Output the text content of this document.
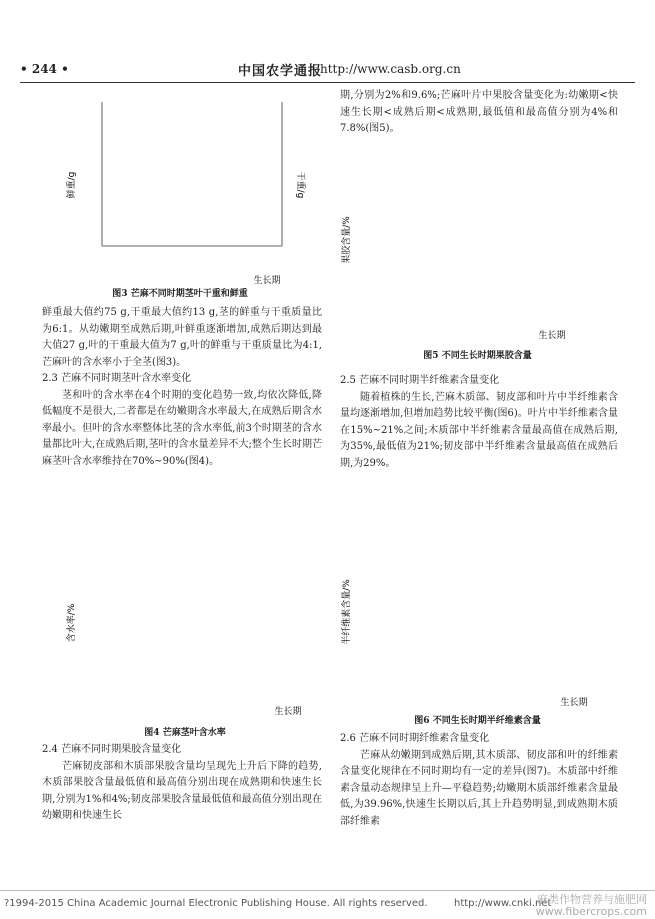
• 244 •	中国农学通报
http://www.casb.org.cn
鲜重/g	干重/g
生长期
图3 芒麻不同时期茎叶干重和鲜重

鲜重最大值约75 g,干重最大值约13 g,茎的鲜重与干重质量比为6:1。从幼嫩期至成熟后期,叶鲜重逐渐增加,成熟后期达到最大值27 g,叶的干重最大值为7 g,叶的鲜重与干重质量比为4:1,芒麻叶的含水率小于全茎(图3)。

2.3 芒麻不同时期茎叶含水率变化

茎和叶的含水率在4个时期的变化趋势一致,均依次降低,降低幅度不是很大,二者都是在幼嫩期含水率最大,在成熟后期含水率最小。但叶的含水率整体比茎的含水率低,前3个时期茎的含水量都比叶大,在成熟后期,茎叶的含水量差异不大;整个生长时期芒麻茎叶含水率维持在70%~90%(图4)。

含水率/%
生长期
图4 芒麻茎叶含水率
2.4 芒麻不同时期果胶含量变化

芒麻韧皮部和木质部果胶含量均呈现先上升后下降的趋势,木质部果胶含量最低值和最高值分别出现在成熟期和快速生长期,分别为1%和4%;韧皮部果胶含量最低值和最高值分别出现在幼嫩期和快速生长

期,分别为2%和9.6%;芒麻叶片中果胶含量变化为:幼嫩期<快速生长期<成熟后期<成熟期,最低值和最高值分别为4%和7.8%(图5)。

果胶含量/%
生长期
图5 不同生长时期果胶含量
2.5 芒麻不同时期半纤维素含量变化

随着植株的生长,芒麻木质部、韧皮部和叶片中半纤维素含量均逐渐增加,但增加趋势比较平衡(图6)。叶片中半纤维素含量在15%~21%之间;木质部中半纤维素含量最高值在成熟后期,为35%,最低值为21%;韧皮部中半纤维素含量最高值在成熟后期,为29%。

半纤维素含量/%
生长期
图6 不同生长时期半纤维素含量
2.6 芒麻不同时期纤维素含量变化

芒麻从幼嫩期到成熟后期,其木质部、韧皮部和叶的纤维素含量变化规律在不同时期均有一定的差异(图7)。木质部中纤维素含量动态规律呈上升—平稳趋势;幼嫩期木质部纤维素含量最低,为39.96%,快速生长期以后,其上升趋势明显,到成熟期木质部纤维素

?1994-2015 China Academic Journal Electronic Publishing House. All rights reserved.	http://www.cnki.net
麻类作物营养与施肥网
www.fibercrops.com
